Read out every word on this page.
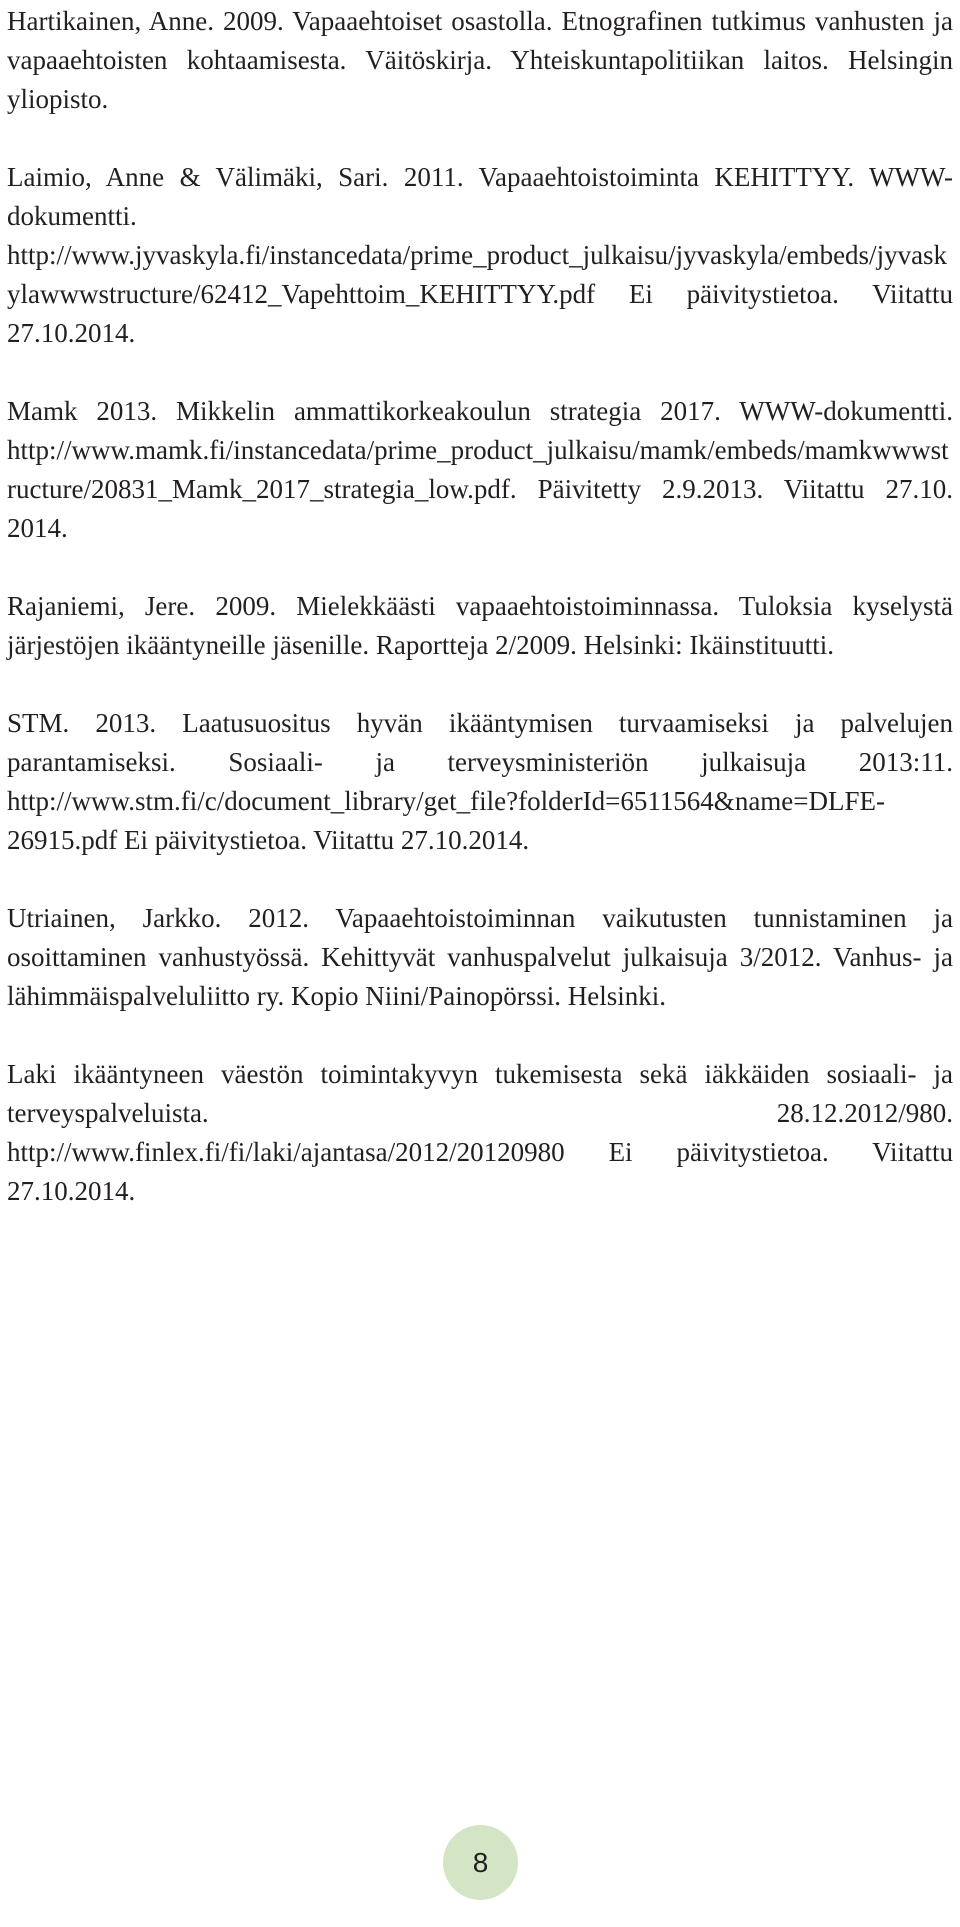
Hartikainen, Anne. 2009. Vapaaehtoiset osastolla. Etnografinen tutkimus vanhusten ja vapaaehtoisten kohtaamisesta. Väitöskirja. Yhteiskuntapolitiikan laitos. Helsingin yliopisto.
Laimio, Anne & Välimäki, Sari. 2011. Vapaaehtoistoiminta KEHITTYY. WWW-dokumentti. http://www.jyvaskyla.fi/instancedata/prime_product_julkaisu/jyvaskyla/embeds/jyvaskylawwwstructure/62412_Vapehttoim_KEHITTYY.pdf Ei päivitystietoa. Viitattu 27.10.2014.
Mamk 2013. Mikkelin ammattikorkeakoulun strategia 2017. WWW-dokumentti. http://www.mamk.fi/instancedata/prime_product_julkaisu/mamk/embeds/mamkwwwstructure/20831_Mamk_2017_strategia_low.pdf. Päivitetty 2.9.2013. Viitattu 27.10. 2014.
Rajaniemi, Jere. 2009. Mielekkäästi vapaaehtoistoiminnassa. Tuloksia kyselystä järjestöjen ikääntyneille jäsenille. Raportteja 2/2009. Helsinki: Ikäinstituutti.
STM. 2013. Laatusuositus hyvän ikääntymisen turvaamiseksi ja palvelujen parantamiseksi. Sosiaali- ja terveysministeriön julkaisuja 2013:11. http://www.stm.fi/c/document_library/get_file?folderId=6511564&name=DLFE-26915.pdf Ei päivitystietoa. Viitattu 27.10.2014.
Utriainen, Jarkko. 2012. Vapaaehtoistoiminnan vaikutusten tunnistaminen ja osoittaminen vanhustyössä. Kehittyvät vanhuspalvelut julkaisuja 3/2012. Vanhus- ja lähimmäispalveluliitto ry. Kopio Niini/Painopörssi. Helsinki.
Laki ikääntyneen väestön toimintakyvyn tukemisesta sekä iäkkäiden sosiaali- ja terveyspalveluista. 28.12.2012/980. http://www.finlex.fi/fi/laki/ajantasa/2012/20120980 Ei päivitystietoa. Viitattu 27.10.2014.
8
